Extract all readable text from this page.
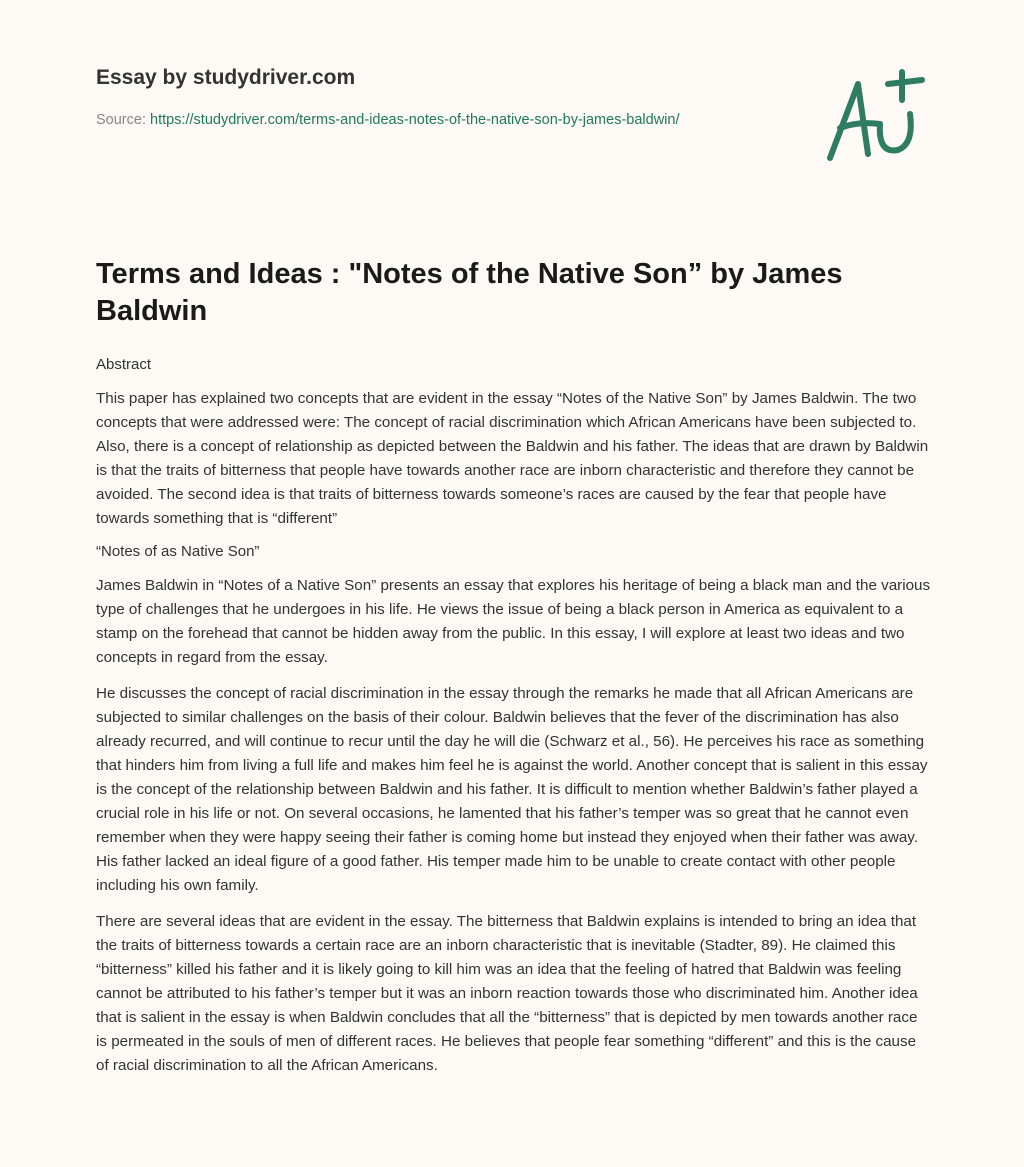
Essay by studydriver.com
Source: https://studydriver.com/terms-and-ideas-notes-of-the-native-son-by-james-baldwin/
Terms and Ideas : "Notes of the Native Son” by James Baldwin
Abstract

This paper has explained two concepts that are evident in the essay “Notes of the Native Son” by James Baldwin. The two concepts that were addressed were: The concept of racial discrimination which African Americans have been subjected to. Also, there is a concept of relationship as depicted between the Baldwin and his father. The ideas that are drawn by Baldwin is that the traits of bitterness that people have towards another race are inborn characteristic and therefore they cannot be avoided. The second idea is that traits of bitterness towards someone’s races are caused by the fear that people have towards something that is “different”

“Notes of as Native Son”

James Baldwin in “Notes of a Native Son” presents an essay that explores his heritage of being a black man and the various type of challenges that he undergoes in his life. He views the issue of being a black person in America as equivalent to a stamp on the forehead that cannot be hidden away from the public. In this essay, I will explore at least two ideas and two concepts in regard from the essay.

He discusses the concept of racial discrimination in the essay through the remarks he made that all African Americans are subjected to similar challenges on the basis of their colour. Baldwin believes that the fever of the discrimination has also already recurred, and will continue to recur until the day he will die (Schwarz et al., 56). He perceives his race as something that hinders him from living a full life and makes him feel he is against the world. Another concept that is salient in this essay is the concept of the relationship between Baldwin and his father. It is difficult to mention whether Baldwin’s father played a crucial role in his life or not. On several occasions, he lamented that his father’s temper was so great that he cannot even remember when they were happy seeing their father is coming home but instead they enjoyed when their father was away. His father lacked an ideal figure of a good father. His temper made him to be unable to create contact with other people including his own family.

There are several ideas that are evident in the essay. The bitterness that Baldwin explains is intended to bring an idea that the traits of bitterness towards a certain race are an inborn characteristic that is inevitable (Stadter, 89). He claimed this “bitterness” killed his father and it is likely going to kill him was an idea that the feeling of hatred that Baldwin was feeling cannot be attributed to his father’s temper but it was an inborn reaction towards those who discriminated him. Another idea that is salient in the essay is when Baldwin concludes that all the “bitterness” that is depicted by men towards another race is permeated in the souls of men of different races. He believes that people fear something “different” and this is the cause of racial discrimination to all the African Americans.
